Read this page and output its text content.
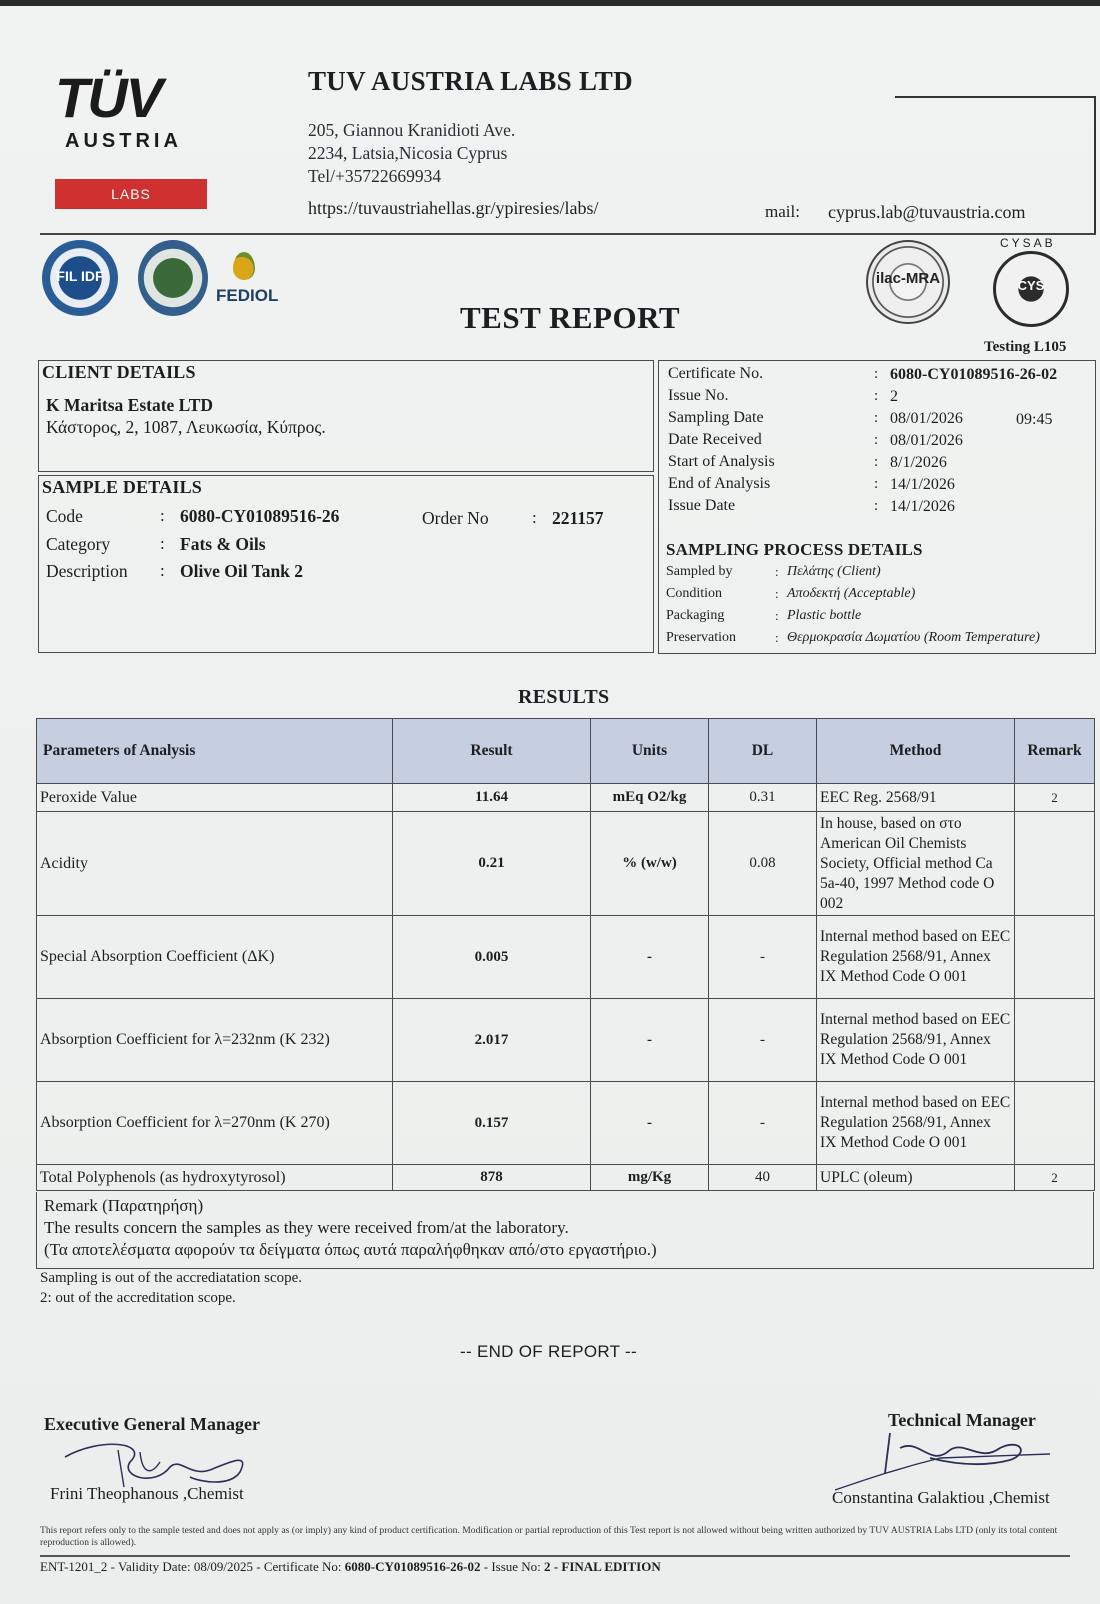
TÜV
AUSTRIA
LABS
TUV AUSTRIA LABS LTD
205, Giannou Kranidioti Ave.
2234, Latsia,Nicosia Cyprus
Tel/+35722669934
https://tuvaustriahellas.gr/ypiresies/labs/	mail: cyprus.lab@tuvaustria.com
FIL IDF
FEDIOL
ilac-MRA
CYSAB
CYS
Testing L105
TEST REPORT
CLIENT DETAILS
K Maritsa Estate LTD
Κάστορος, 2, 1087, Λευκωσία, Κύπρος.
SAMPLE DETAILS
Code	: 6080-CY01089516-26	Order No	: 221157
Category	: Fats & Oils
Description : Olive Oil Tank 2
Certificate No.	: 6080-CY01089516-26-02
Issue No.	: 2
Sampling Date	: 08/01/2026	09:45
Date Received	: 08/01/2026
Start of Analysis	: 8/1/2026
End of Analysis	: 14/1/2026
Issue Date	: 14/1/2026
SAMPLING PROCESS DETAILS
Sampled by	: Πελάτης (Client)
Condition	: Αποδεκτή (Acceptable)
Packaging	: Plastic bottle
Preservation	: Θερμοκρασία Δωματίου (Room Temperature)
RESULTS
Parameters of Analysis	Result	Units	DL	Method	Remark
Peroxide Value	11.64	mEq O2/kg	0.31	EEC Reg. 2568/91	2
Acidity	0.21	% (w/w)	0.08	In house, based on στο American Oil Chemists Society, Official method Ca 5a-40, 1997 Method code O 002	
Special Absorption Coefficient (ΔK)	0.005	-	-	Internal method based on EEC Regulation 2568/91, Annex IX Method Code O 001	
Absorption Coefficient for λ=232nm (K 232)	2.017	-	-	Internal method based on EEC Regulation 2568/91, Annex IX Method Code O 001	
Absorption Coefficient for λ=270nm (K 270)	0.157	-	-	Internal method based on EEC Regulation 2568/91, Annex IX Method Code O 001	
Total Polyphenols (as hydroxytyrosol)	878	mg/Kg	40	UPLC (oleum)	2
Remark (Παρατηρήση)
The results concern the samples as they were received from/at the laboratory.
(Τα αποτελέσματα αφορούν τα δείγματα όπως αυτά παραλήφθηκαν από/στο εργαστήριο.)
Sampling is out of the accrediatation scope.
2: out of the accreditation scope.
-- END OF REPORT --
Executive General Manager
Frini Theophanous ,Chemist
Technical Manager
Constantina Galaktiou ,Chemist
This report refers only to the sample tested and does not apply as (or imply) any kind of product certification. Modification or partial reproduction of this Test report is not allowed without being written authorized by TUV AUSTRIA Labs LTD (only its total content reproduction is allowed).
ENT-1201_2 - Validity Date: 08/09/2025 - Certificate No: 6080-CY01089516-26-02 - Issue No: 2 - FINAL EDITION
